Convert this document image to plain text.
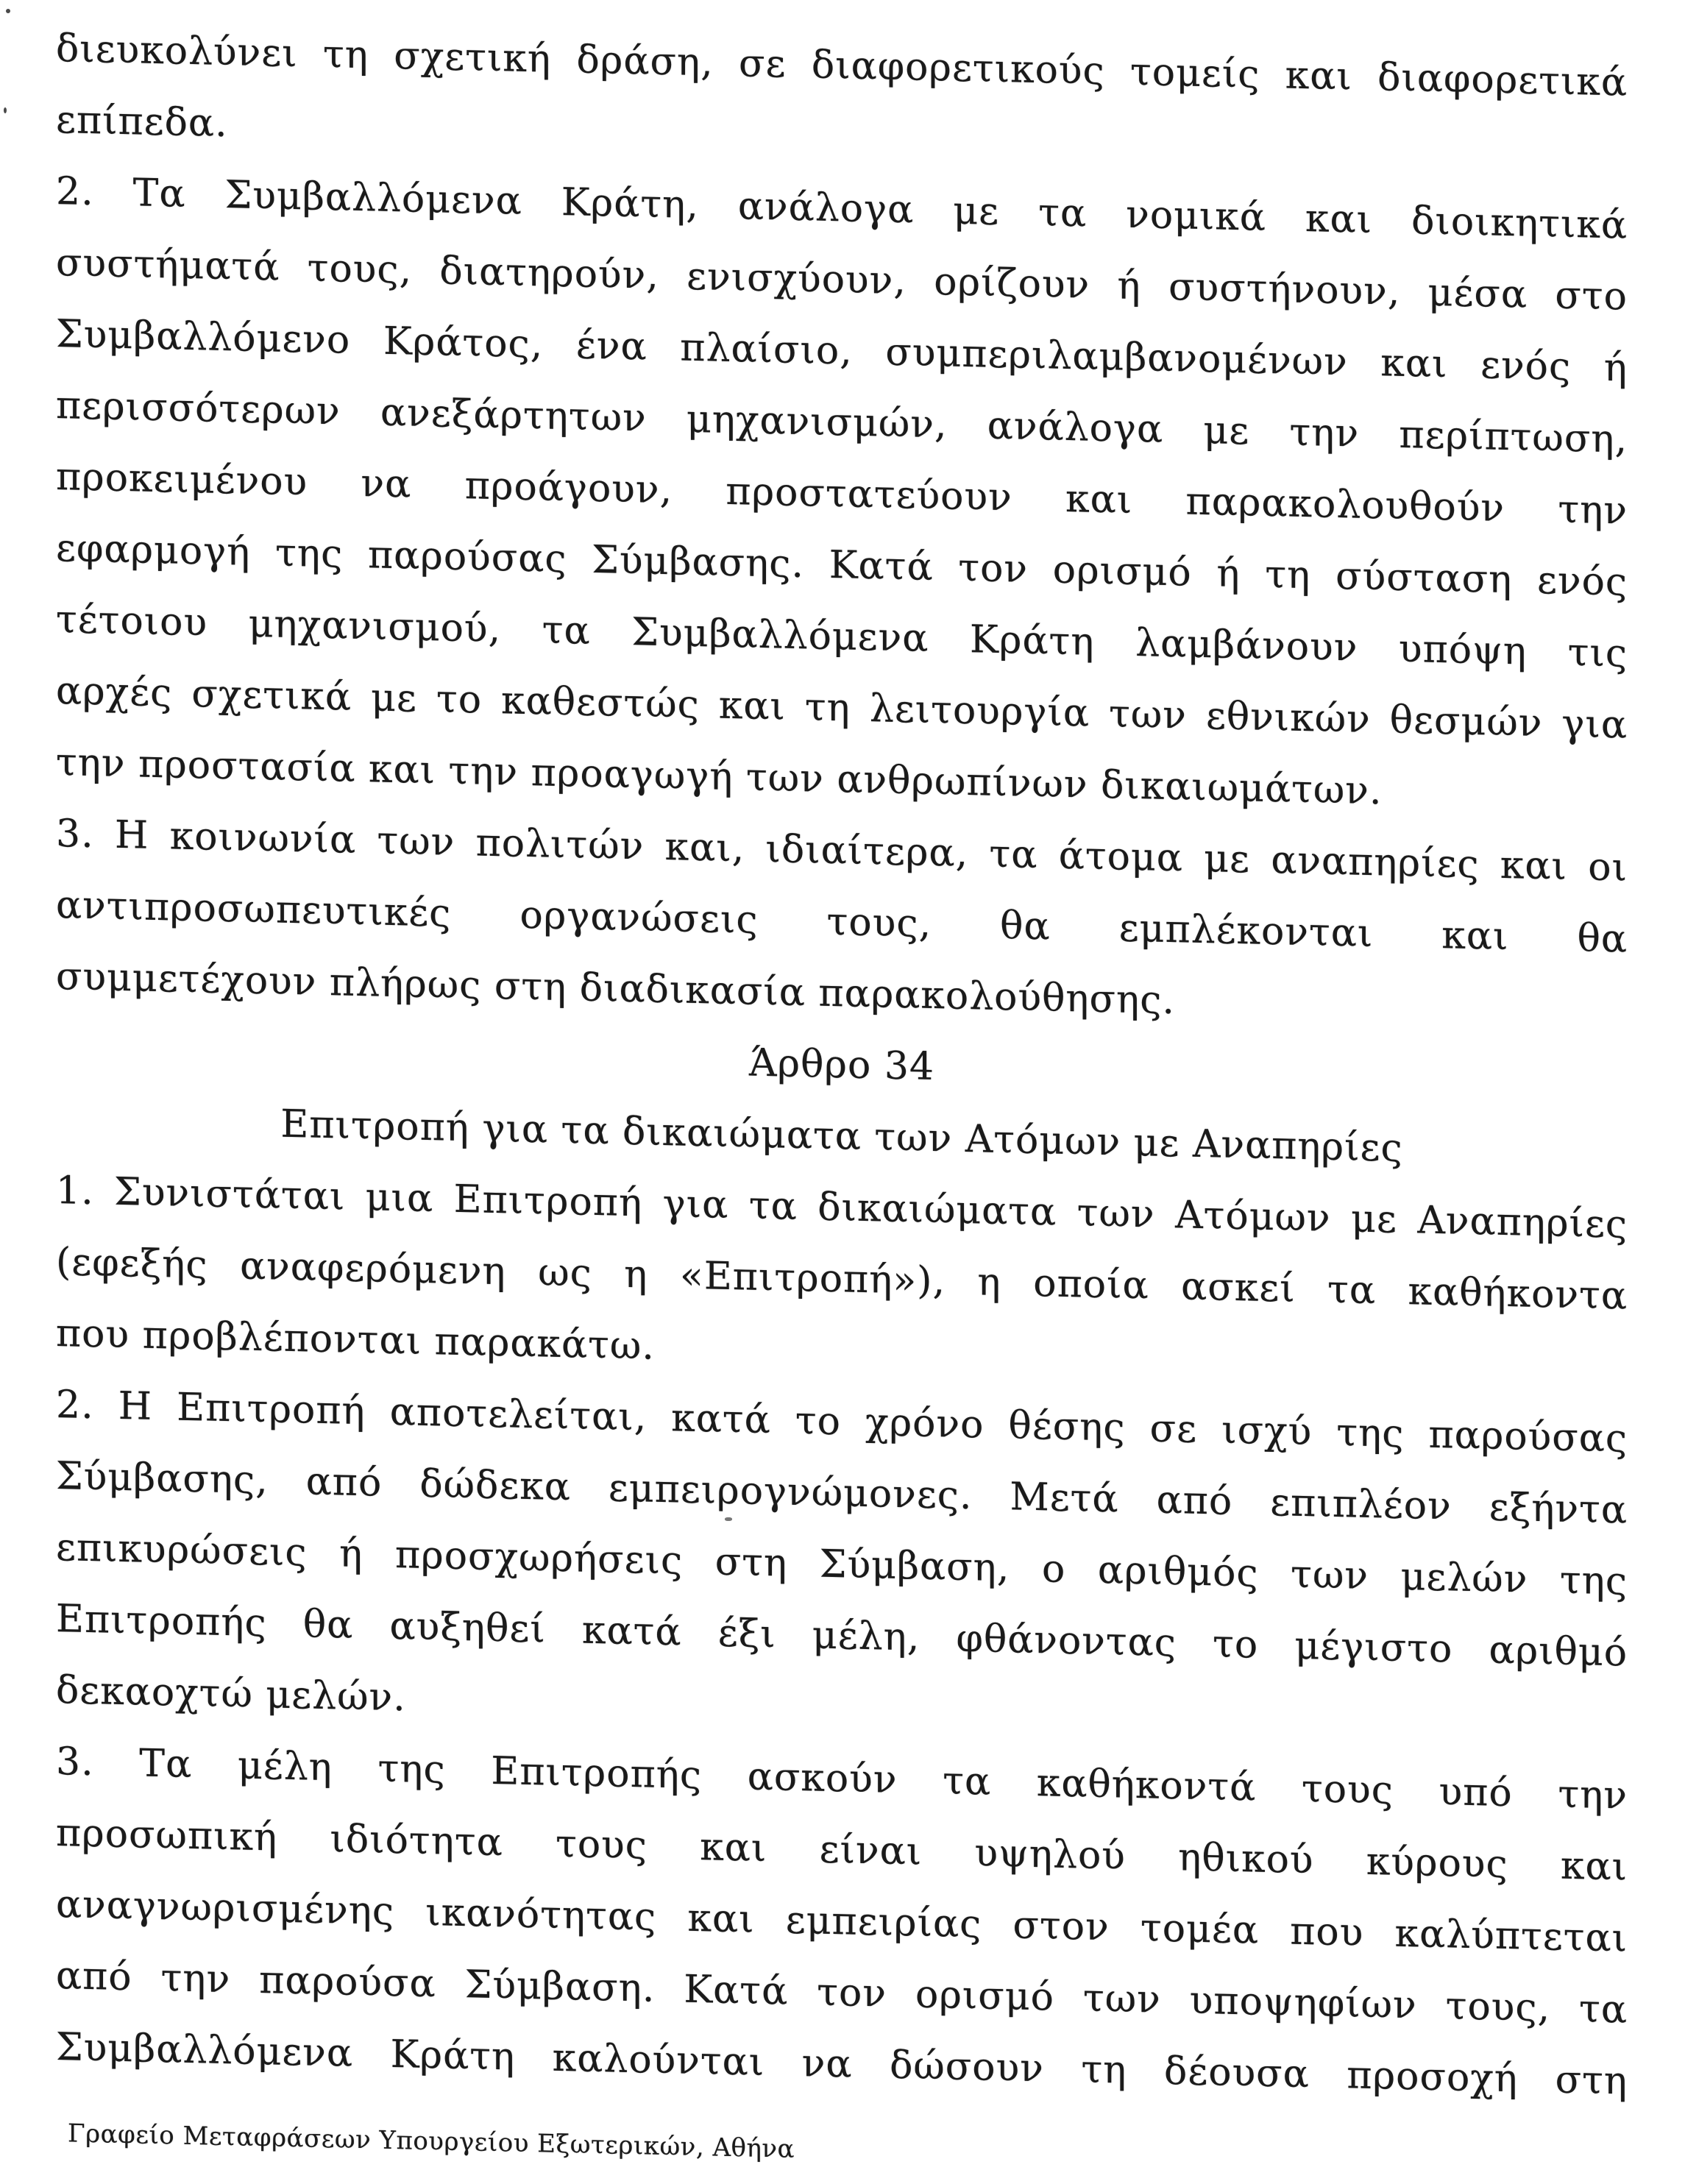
διευκολύνει τη σχετική δράση, σε διαφορετικούς τομείς και διαφορετικά
επίπεδα.
2. Τα Συμβαλλόμενα Κράτη, ανάλογα με τα νομικά και διοικητικά
συστήματά τους, διατηρούν, ενισχύουν, ορίζουν ή συστήνουν, μέσα στο
Συμβαλλόμενο Κράτος, ένα πλαίσιο, συμπεριλαμβανομένων και ενός ή
περισσότερων ανεξάρτητων μηχανισμών, ανάλογα με την περίπτωση,
προκειμένου να προάγουν, προστατεύουν και παρακολουθούν την
εφαρμογή της παρούσας Σύμβασης. Κατά τον ορισμό ή τη σύσταση ενός
τέτοιου μηχανισμού, τα Συμβαλλόμενα Κράτη λαμβάνουν υπόψη τις
αρχές σχετικά με το καθεστώς και τη λειτουργία των εθνικών θεσμών για
την προστασία και την προαγωγή των ανθρωπίνων δικαιωμάτων.
3. Η κοινωνία των πολιτών και, ιδιαίτερα, τα άτομα με αναπηρίες και οι
αντιπροσωπευτικές οργανώσεις τους, θα εμπλέκονται και θα
συμμετέχουν πλήρως στη διαδικασία παρακολούθησης.
Άρθρο 34
Επιτροπή για τα δικαιώματα των Ατόμων με Αναπηρίες
1. Συνιστάται μια Επιτροπή για τα δικαιώματα των Ατόμων με Αναπηρίες
(εφεξής αναφερόμενη ως η «Επιτροπή»), η οποία ασκεί τα καθήκοντα
που προβλέπονται παρακάτω.
2. Η Επιτροπή αποτελείται, κατά το χρόνο θέσης σε ισχύ της παρούσας
Σύμβασης, από δώδεκα εμπειρογνώμονες. Μετά από επιπλέον εξήντα
επικυρώσεις ή προσχωρήσεις στη Σύμβαση, ο αριθμός των μελών της
Επιτροπής θα αυξηθεί κατά έξι μέλη, φθάνοντας το μέγιστο αριθμό
δεκαοχτώ μελών.
3. Τα μέλη της Επιτροπής ασκούν τα καθήκοντά τους υπό την
προσωπική ιδιότητα τους και είναι υψηλού ηθικού κύρους και
αναγνωρισμένης ικανότητας και εμπειρίας στον τομέα που καλύπτεται
από την παρούσα Σύμβαση. Κατά τον ορισμό των υποψηφίων τους, τα
Συμβαλλόμενα Κράτη καλούνται να δώσουν τη δέουσα προσοχή στη
Γραφείο Μεταφράσεων Υπουργείου Εξωτερικών, Αθήνα
